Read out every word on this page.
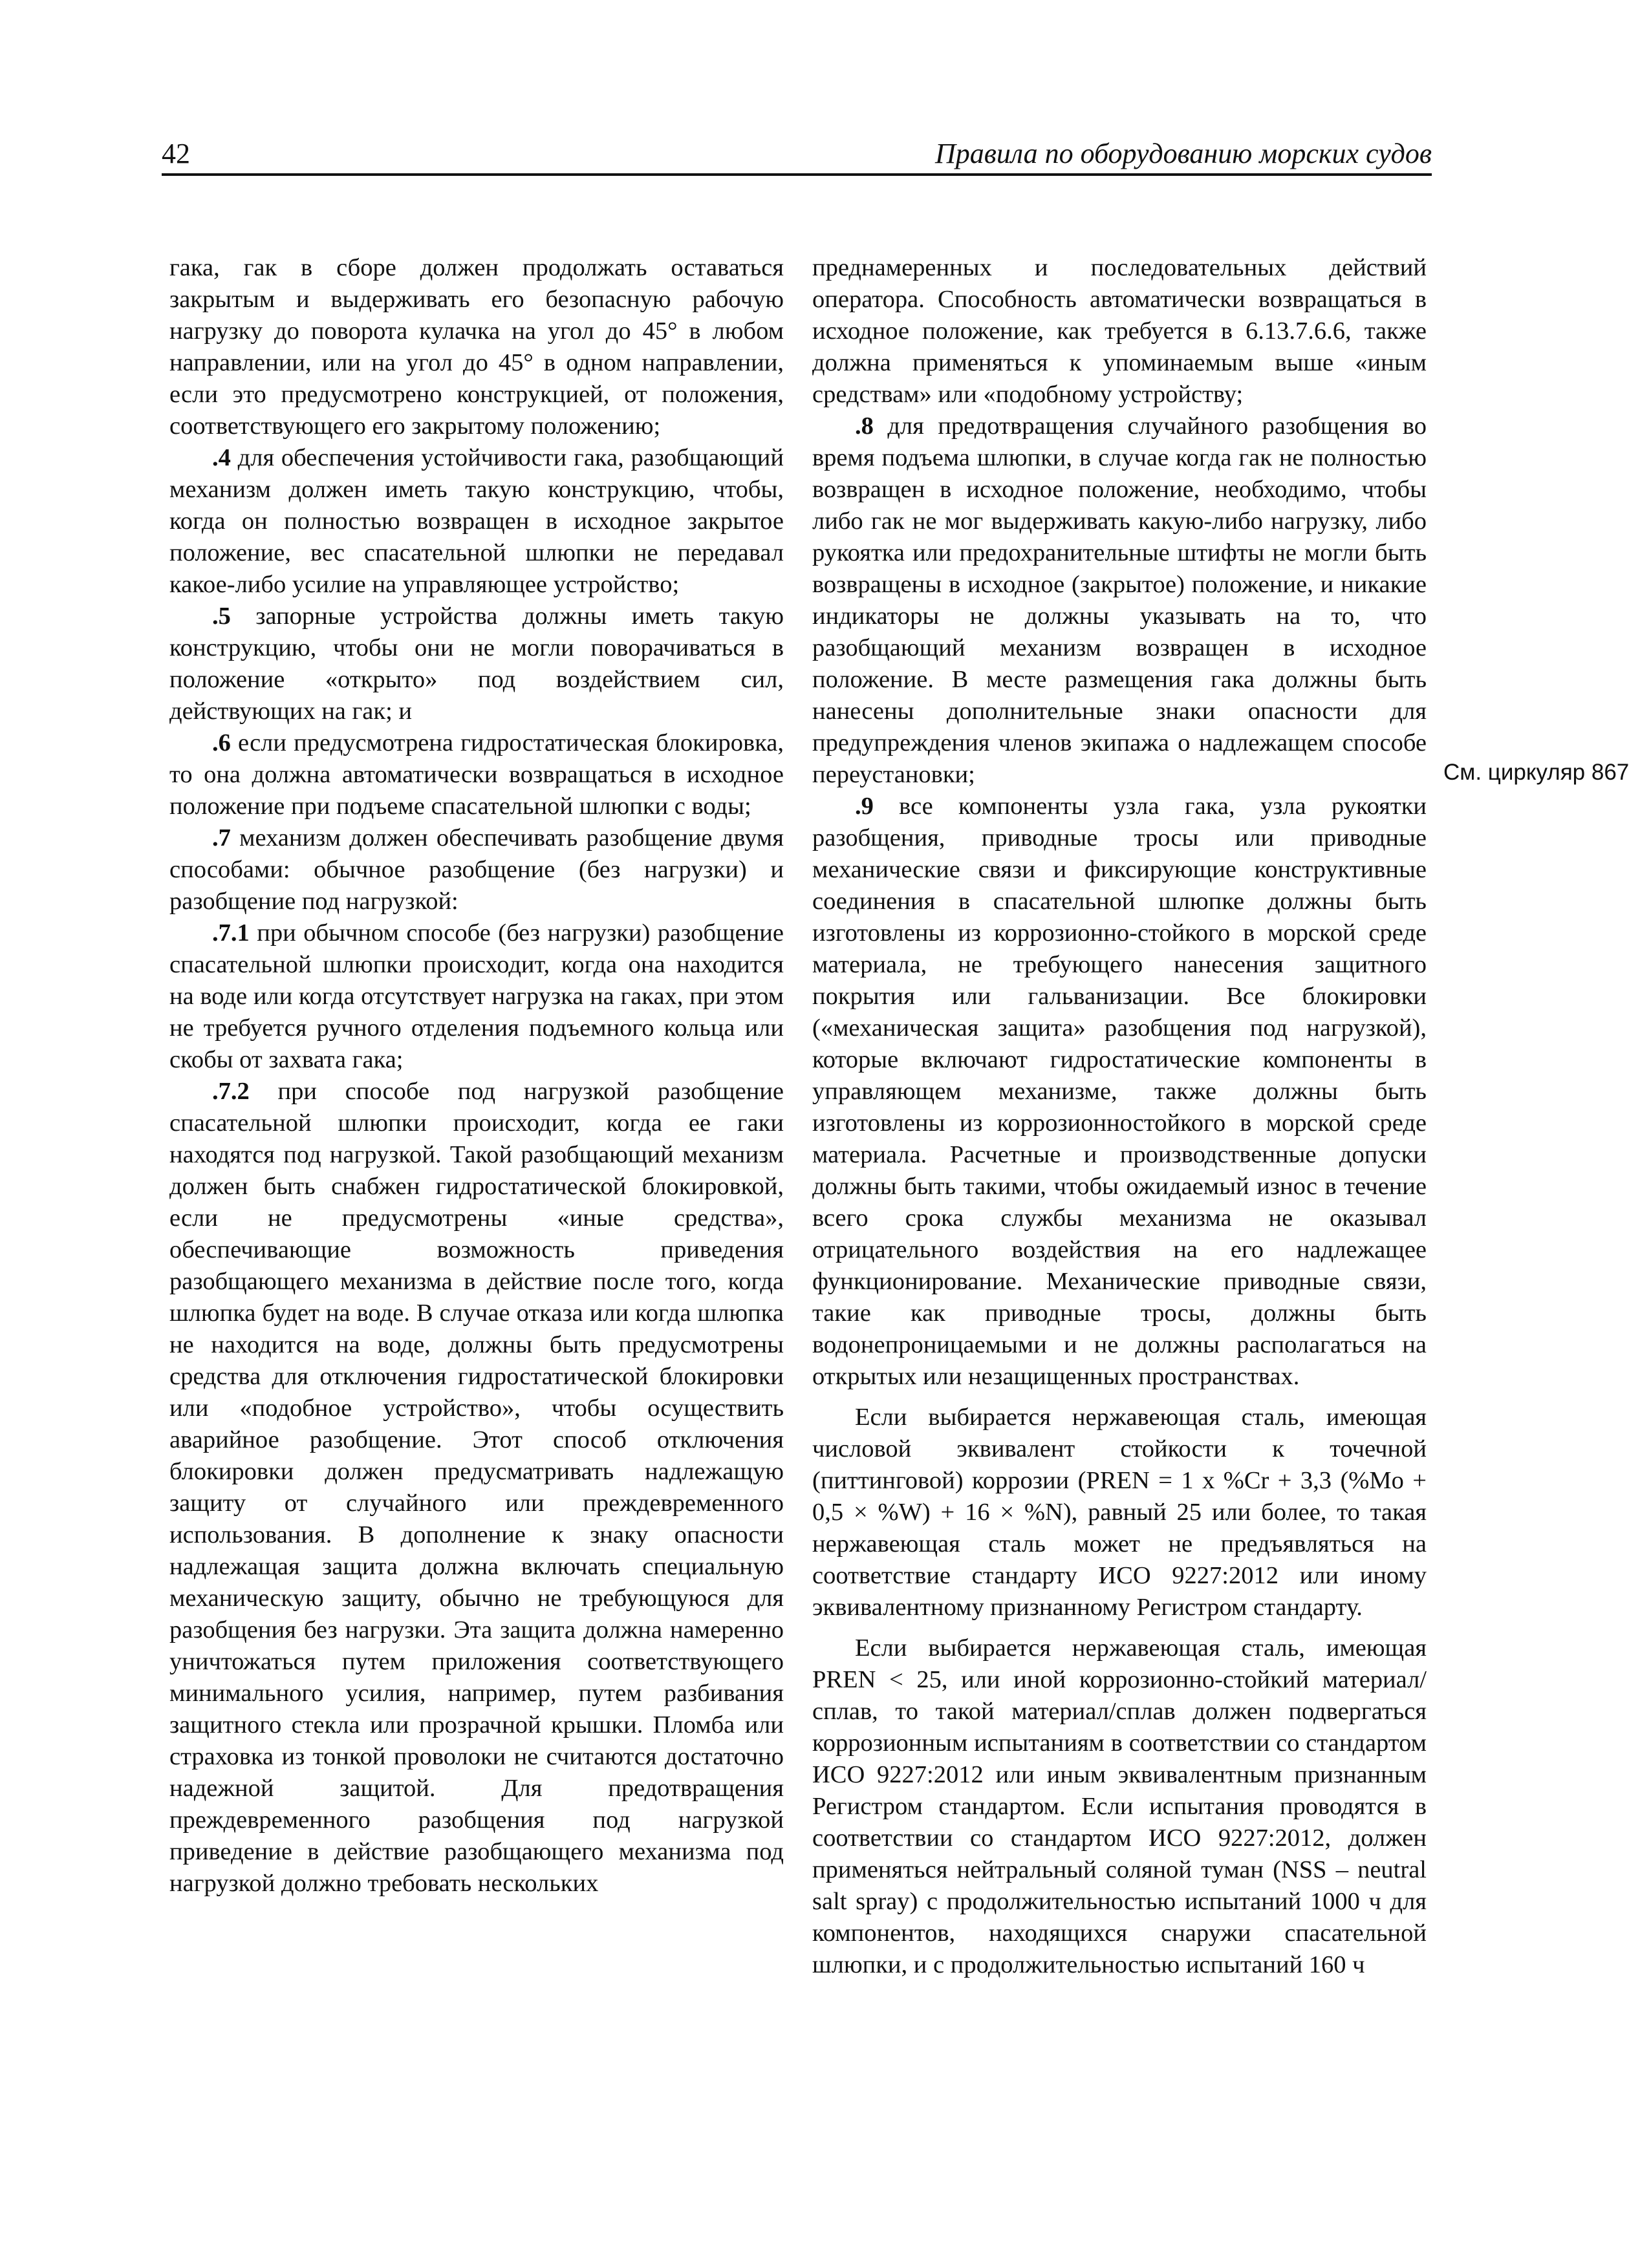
42	Правила по оборудованию морских судов

гака, гак в сборе должен продолжать оставаться закрытым и выдерживать его безопасную рабочую нагрузку до поворота кулачка на угол до 45° в любом направлении, или на угол до 45° в одном направлении, если это предусмотрено конструкцией, от положения, соответствующего его закрытому положению;

.4 для обеспечения устойчивости гака, разобщающий механизм должен иметь такую конструкцию, чтобы, когда он полностью возвращен в исходное закрытое положение, вес спасательной шлюпки не передавал какое-либо усилие на управляющее устройство;

.5 запорные устройства должны иметь такую конструкцию, чтобы они не могли поворачиваться в положение «открыто» под воздействием сил, действующих на гак; и

.6 если предусмотрена гидростатическая блокировка, то она должна автоматически возвращаться в исходное положение при подъеме спасательной шлюпки с воды;

.7 механизм должен обеспечивать разобщение двумя способами: обычное разобщение (без нагрузки) и разобщение под нагрузкой:

.7.1 при обычном способе (без нагрузки) разобщение спасательной шлюпки происходит, когда она находится на воде или когда отсутствует нагрузка на гаках, при этом не требуется ручного отделения подъемного кольца или скобы от захвата гака;

.7.2 при способе под нагрузкой разобщение спасательной шлюпки происходит, когда ее гаки находятся под нагрузкой. Такой разобщающий механизм должен быть снабжен гидростатической блокировкой, если не предусмотрены «иные средства», обеспечивающие возможность приведения разобщающего механизма в действие после того, когда шлюпка будет на воде. В случае отказа или когда шлюпка не находится на воде, должны быть предусмотрены средства для отключения гидростатической блокировки или «подобное устройство», чтобы осуществить аварийное разобщение. Этот способ отключения блокировки должен предусматривать надлежащую защиту от случайного или преждевременного использования. В дополнение к знаку опасности надлежащая защита должна включать специальную механическую защиту, обычно не требующуюся для разобщения без нагрузки. Эта защита должна намеренно уничтожаться путем приложения соответствующего минимального усилия, например, путем разбивания защитного стекла или прозрачной крышки. Пломба или страховка из тонкой проволоки не считаются достаточно надежной защитой. Для предотвращения преждевременного разобщения под нагрузкой приведение в действие разобщающего механизма под нагрузкой должно требовать нескольких

преднамеренных и последовательных действий оператора. Способность автоматически возвращаться в исходное положение, как требуется в 6.13.7.6.6, также должна применяться к упоминаемым выше «иным средствам» или «подобному устройству;

.8 для предотвращения случайного разобщения во время подъема шлюпки, в случае когда гак не полностью возвращен в исходное положение, необходимо, чтобы либо гак не мог выдерживать какую-либо нагрузку, либо рукоятка или предохранительные штифты не могли быть возвращены в исходное (закрытое) положение, и никакие индикаторы не должны указывать на то, что разобщающий механизм возвращен в исходное положение. В месте размещения гака должны быть нанесены дополнительные знаки опасности для предупреждения членов экипажа о надлежащем способе переустановки;

.9 все компоненты узла гака, узла рукоятки разобщения, приводные тросы или приводные механические связи и фиксирующие конструктивные соединения в спасательной шлюпке должны быть изготовлены из коррозионно-стойкого в морской среде материала, не требующего нанесения защитного покрытия или гальванизации. Все блокировки («механическая защита» разобщения под нагрузкой), которые включают гидростатические компоненты в управляющем механизме, также должны быть изготовлены из коррозионностойкого в морской среде материала. Расчетные и производственные допуски должны быть такими, чтобы ожидаемый износ в течение всего срока службы механизма не оказывал отрицательного воздействия на его надлежащее функционирование. Механические приводные связи, такие как приводные тросы, должны быть водонепроницаемыми и не должны располагаться на открытых или незащищенных пространствах.

Если выбирается нержавеющая сталь, имеющая числовой эквивалент стойкости к точечной (питтинговой) коррозии (PREN = 1 x %Cr + 3,3 (%Mo + 0,5 × %W) + 16 × %N), равный 25 или более, то такая нержавеющая сталь может не предъявляться на соответствие стандарту ИСО 9227:2012 или иному эквивалентному признанному Регистром стандарту.

Если выбирается нержавеющая сталь, имеющая PREN < 25, или иной коррозионно-стойкий материал/сплав, то такой материал/сплав должен подвергаться коррозионным испытаниям в соответствии со стандартом ИСО 9227:2012 или иным эквивалентным признанным Регистром стандартом. Если испытания проводятся в соответствии со стандартом ИСО 9227:2012, должен применяться нейтральный соляной туман (NSS – neutral salt spray) с продолжительностью испытаний 1000 ч для компонентов, находящихся снаружи спасательной шлюпки, и с продолжительностью испытаний 160 ч

См. циркуляр 867
